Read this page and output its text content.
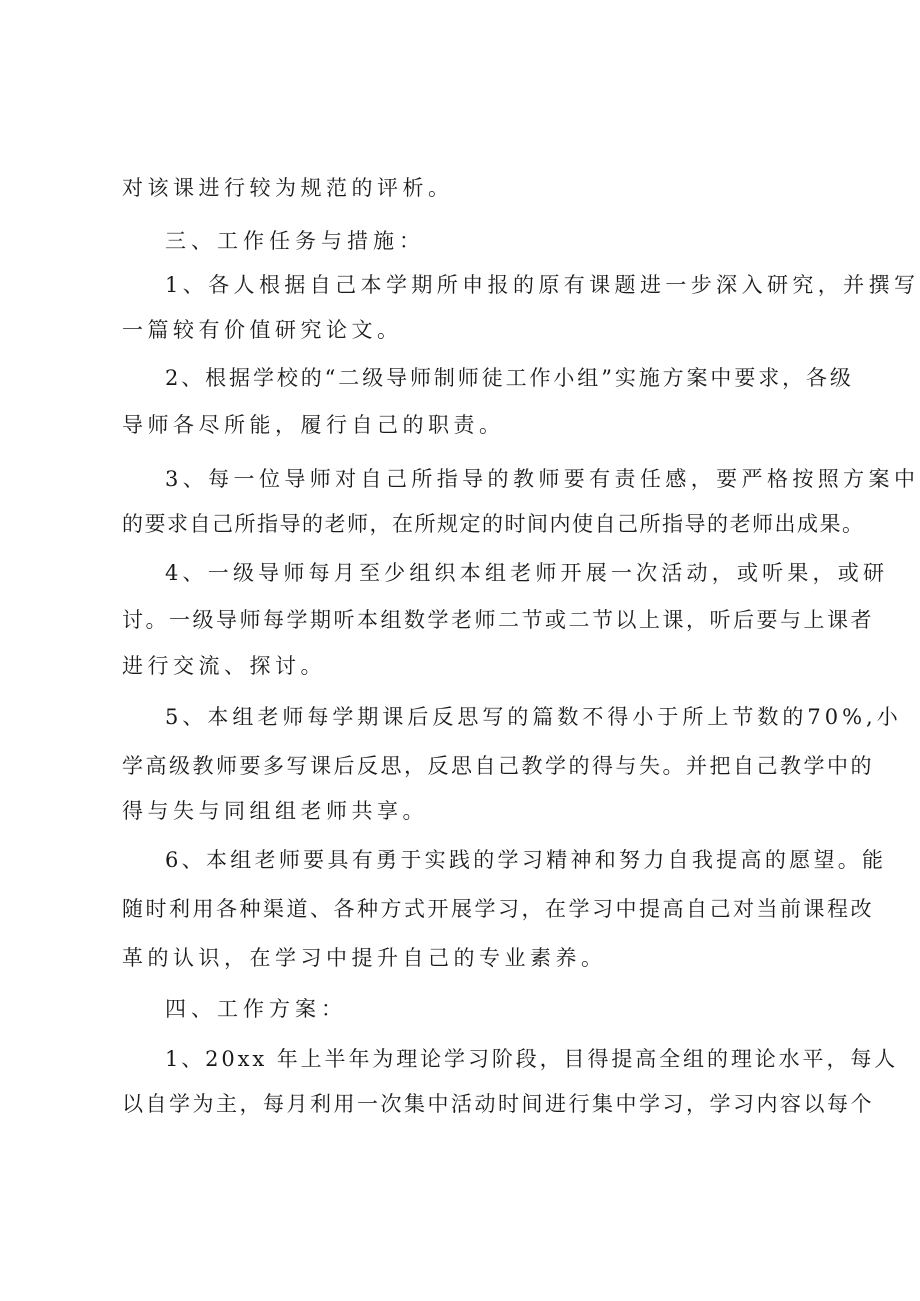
对该课进行较为规范的评析。
三、工作任务与措施：
1、各人根据自己本学期所申报的原有课题进一步深入研究，并撰写
一篇较有价值研究论文。
2、根据学校的“二级导师制师徒工作小组”实施方案中要求，各级
导师各尽所能，履行自己的职责。
3、每一位导师对自己所指导的教师要有责任感，要严格按照方案中
的要求自己所指导的老师，在所规定的时间内使自己所指导的老师出成果。
4、一级导师每月至少组织本组老师开展一次活动，或听果，或研
讨。一级导师每学期听本组数学老师二节或二节以上课，听后要与上课者
进行交流、探讨。
5、本组老师每学期课后反思写的篇数不得小于所上节数的70%,小
学高级教师要多写课后反思，反思自己教学的得与失。并把自己教学中的
得与失与同组组老师共享。
6、本组老师要具有勇于实践的学习精神和努力自我提高的愿望。能
随时利用各种渠道、各种方式开展学习，在学习中提高自己对当前课程改
革的认识，在学习中提升自己的专业素养。
四、工作方案：
1、20xx 年上半年为理论学习阶段，目得提高全组的理论水平，每人
以自学为主，每月利用一次集中活动时间进行集中学习，学习内容以每个
